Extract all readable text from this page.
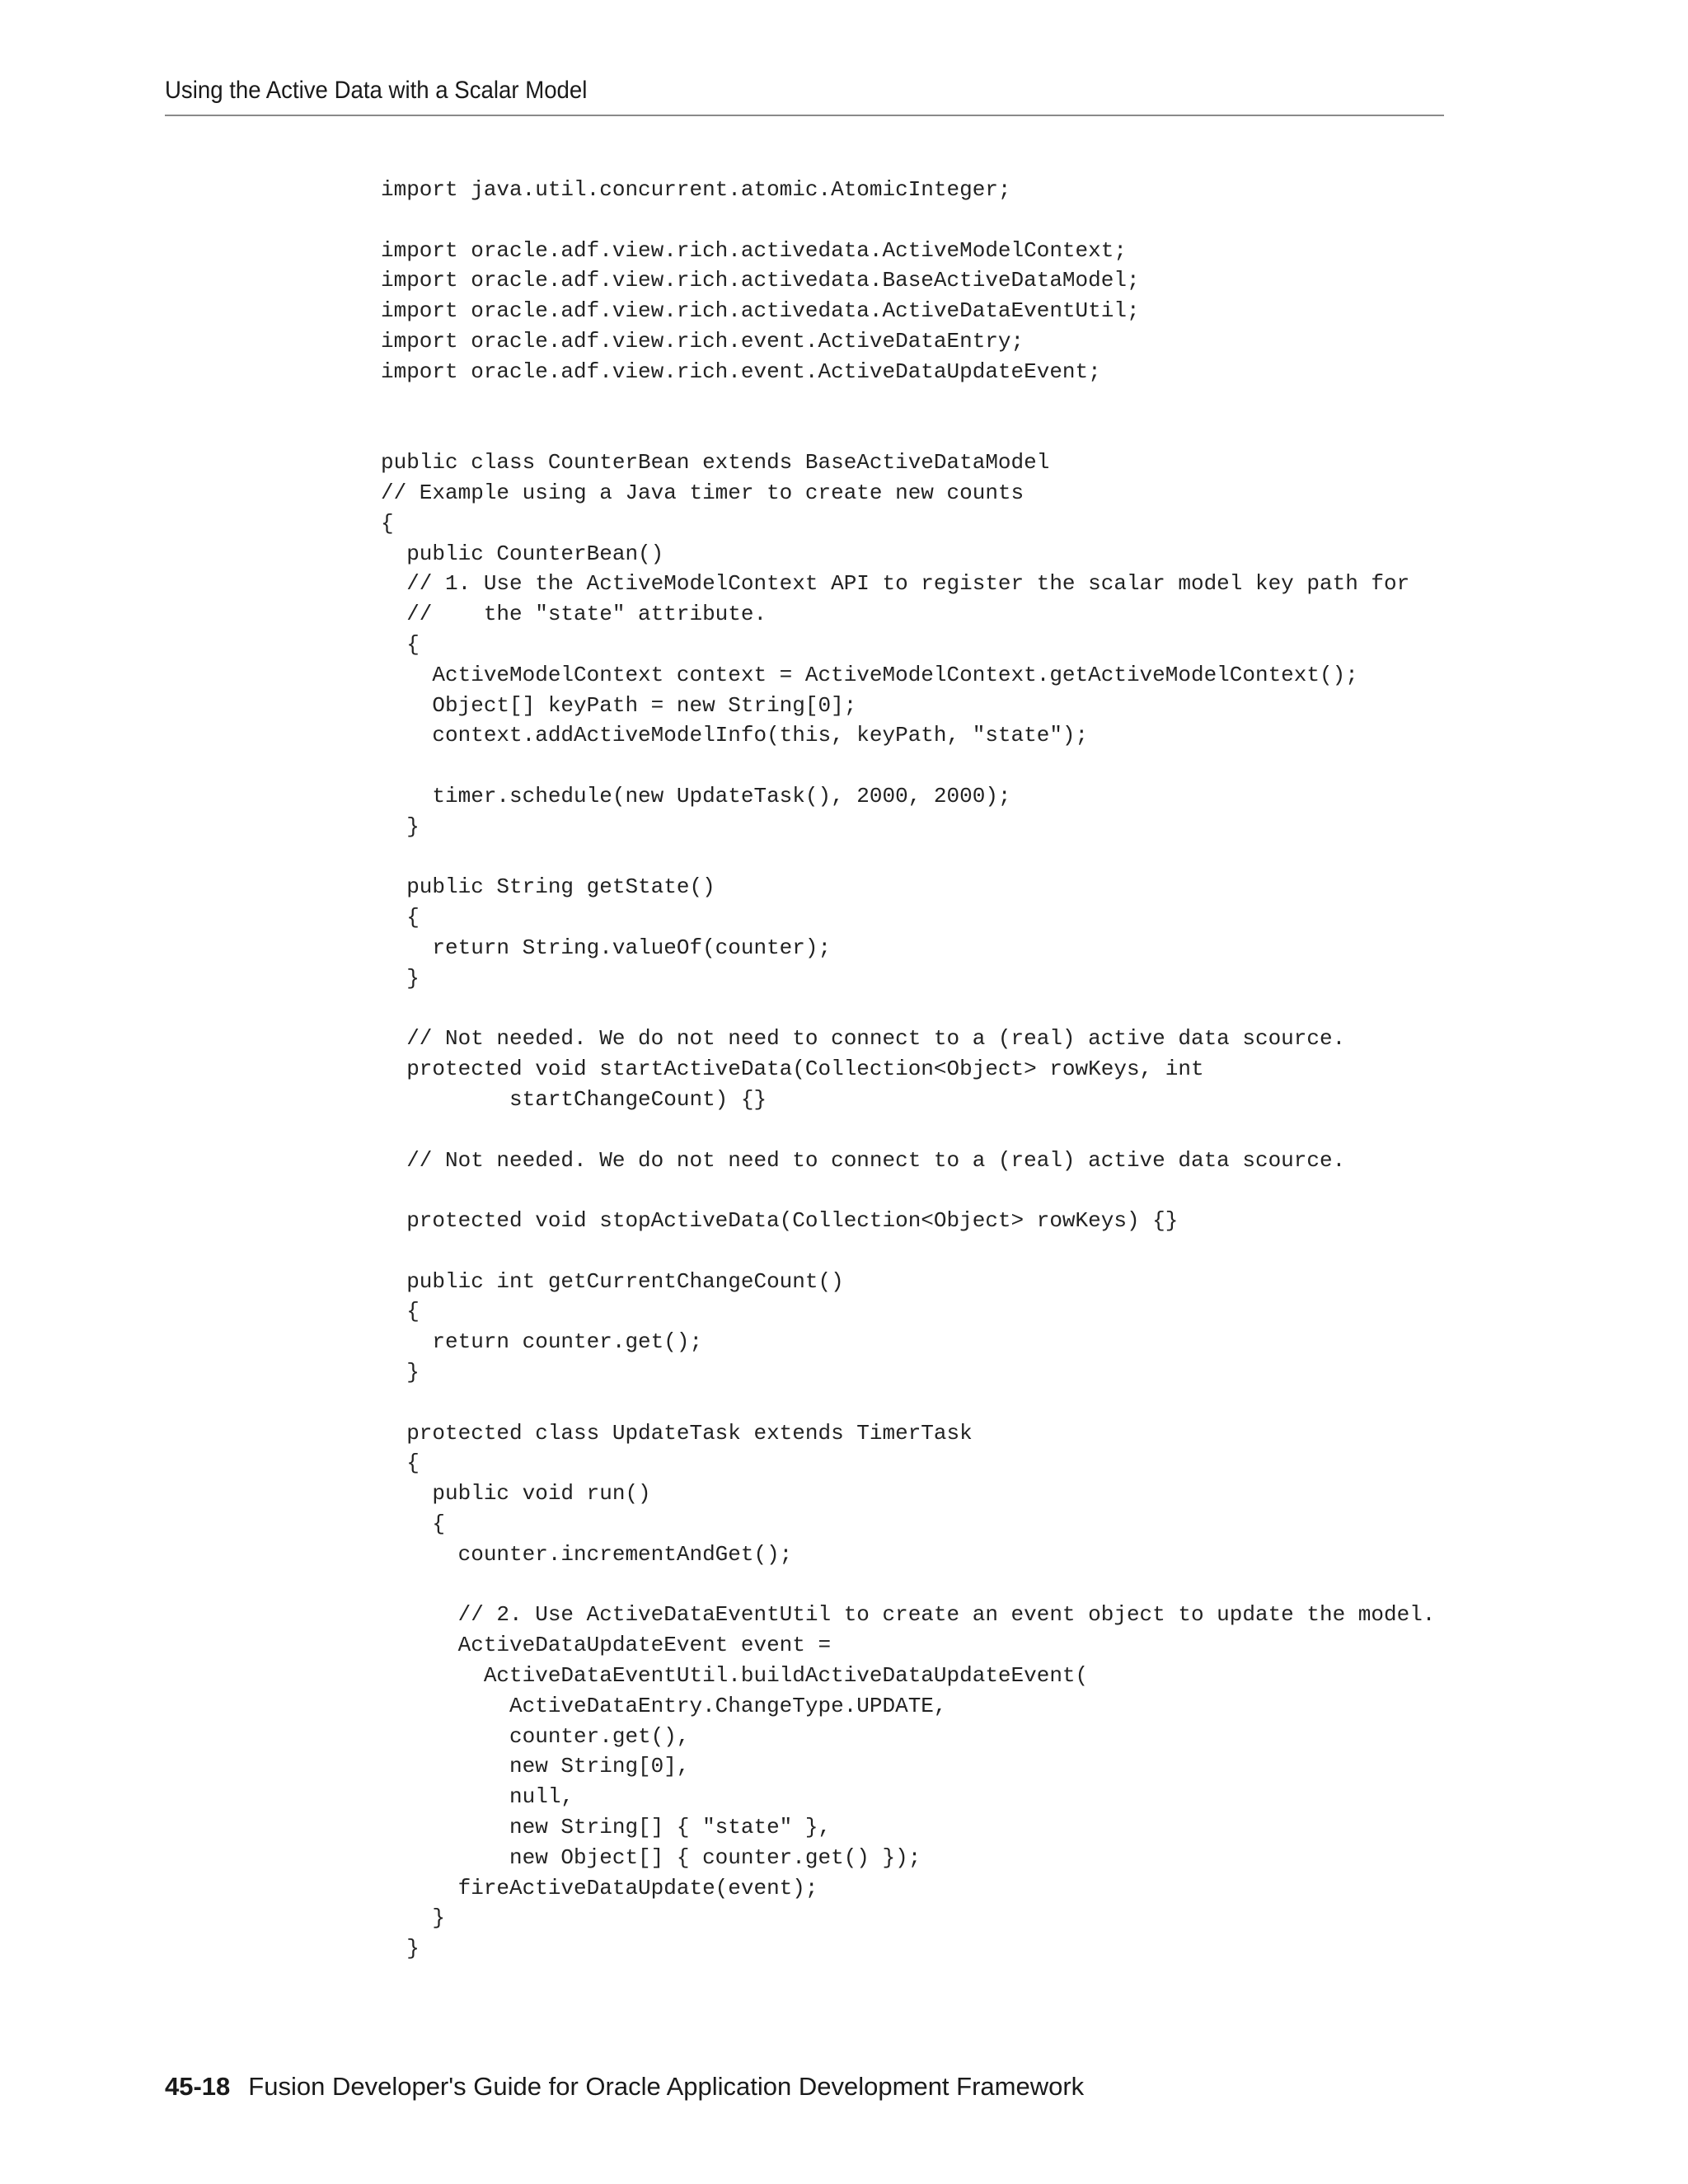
Using the Active Data with a Scalar Model
import java.util.concurrent.atomic.AtomicInteger;
import oracle.adf.view.rich.activedata.ActiveModelContext;
import oracle.adf.view.rich.activedata.BaseActiveDataModel;
import oracle.adf.view.rich.activedata.ActiveDataEventUtil;
import oracle.adf.view.rich.event.ActiveDataEntry;
import oracle.adf.view.rich.event.ActiveDataUpdateEvent;
public class CounterBean extends BaseActiveDataModel
// Example using a Java timer to create new counts
{
public CounterBean()
// 1. Use the ActiveModelContext API to register the scalar model key path for
//    the "state" attribute.
{
ActiveModelContext context = ActiveModelContext.getActiveModelContext();
Object[] keyPath = new String[0];
context.addActiveModelInfo(this, keyPath, "state");
timer.schedule(new UpdateTask(), 2000, 2000);
}
public String getState()
{
return String.valueOf(counter);
}
// Not needed. We do not need to connect to a (real) active data scource.
protected void startActiveData(Collection<Object> rowKeys, int
startChangeCount) {}
// Not needed. We do not need to connect to a (real) active data scource.
protected void stopActiveData(Collection<Object> rowKeys) {}
public int getCurrentChangeCount()
{
return counter.get();
}
protected class UpdateTask extends TimerTask
{
public void run()
{
counter.incrementAndGet();
// 2. Use ActiveDataEventUtil to create an event object to update the model.
ActiveDataUpdateEvent event =
ActiveDataEventUtil.buildActiveDataUpdateEvent(
ActiveDataEntry.ChangeType.UPDATE,
counter.get(),
new String[0],
null,
new String[] { "state" },
new Object[] { counter.get() });
fireActiveDataUpdate(event);
}
}
45-18 Fusion Developer's Guide for Oracle Application Development Framework
